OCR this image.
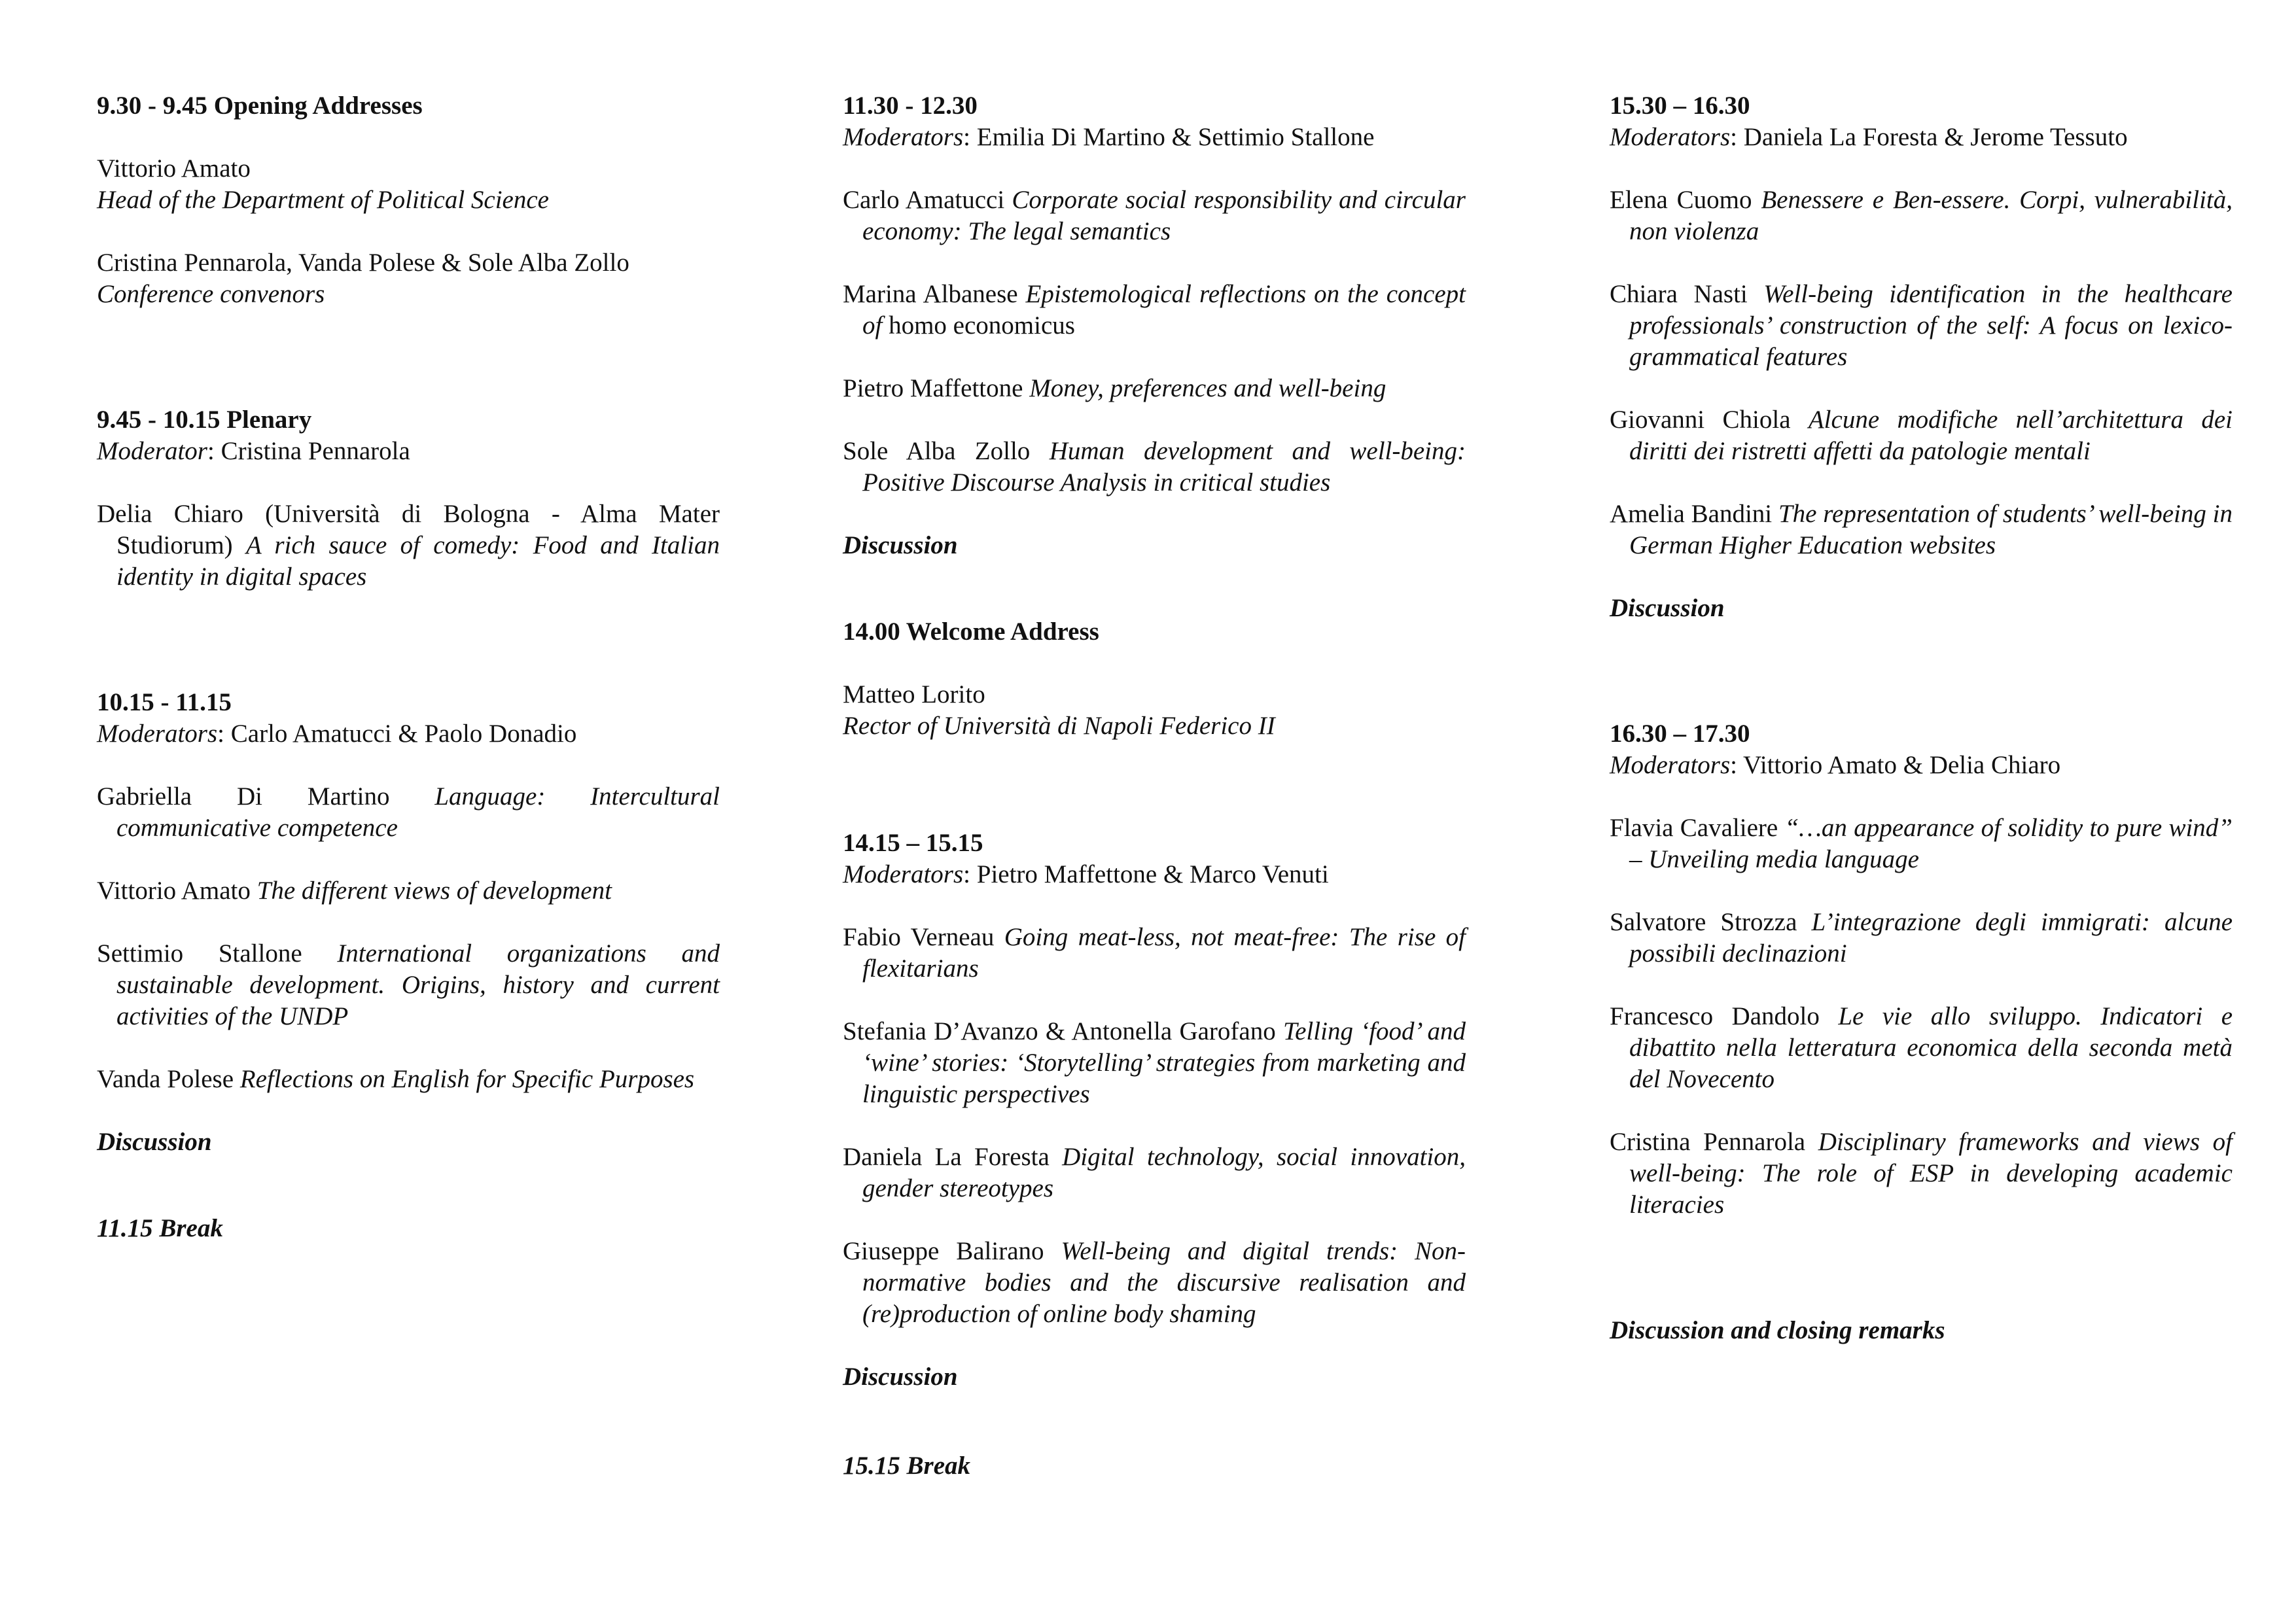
9.30 - 9.45 Opening Addresses
Vittorio Amato
Head of the Department of Political Science
Cristina Pennarola, Vanda Polese & Sole Alba Zollo
Conference convenors
9.45 - 10.15 Plenary
Moderator: Cristina Pennarola
Delia Chiaro (Università di Bologna - Alma Mater Studiorum) A rich sauce of comedy: Food and Italian identity in digital spaces
10.15 - 11.15
Moderators: Carlo Amatucci & Paolo Donadio
Gabriella Di Martino Language: Intercultural communicative competence
Vittorio Amato The different views of development
Settimio Stallone International organizations and sustainable development. Origins, history and current activities of the UNDP
Vanda Polese Reflections on English for Specific Purposes
Discussion
11.15 Break
11.30 - 12.30
Moderators: Emilia Di Martino & Settimio Stallone
Carlo Amatucci Corporate social responsibility and circular economy: The legal semantics
Marina Albanese Epistemological reflections on the concept of homo economicus
Pietro Maffettone Money, preferences and well-being
Sole Alba Zollo Human development and well-being: Positive Discourse Analysis in critical studies
Discussion
14.00 Welcome Address
Matteo Lorito
Rector of Università di Napoli Federico II
14.15 – 15.15
Moderators: Pietro Maffettone & Marco Venuti
Fabio Verneau Going meat-less, not meat-free: The rise of flexitarians
Stefania D’Avanzo & Antonella Garofano Telling ‘food’ and ‘wine’ stories: ‘Storytelling’ strategies from marketing and linguistic perspectives
Daniela La Foresta Digital technology, social innovation, gender stereotypes
Giuseppe Balirano Well-being and digital trends: Non-normative bodies and the discursive realisation and (re)production of online body shaming
Discussion
15.15 Break
15.30 – 16.30
Moderators: Daniela La Foresta & Jerome Tessuto
Elena Cuomo Benessere e Ben-essere. Corpi, vulnerabilità, non violenza
Chiara Nasti Well-being identification in the healthcare professionals’ construction of the self: A focus on lexico-grammatical features
Giovanni Chiola Alcune modifiche nell’architettura dei diritti dei ristretti affetti da patologie mentali
Amelia Bandini The representation of students’ well-being in German Higher Education websites
Discussion
16.30 – 17.30
Moderators: Vittorio Amato & Delia Chiaro
Flavia Cavaliere “…an appearance of solidity to pure wind” – Unveiling media language
Salvatore Strozza L’integrazione degli immigrati: alcune possibili declinazioni
Francesco Dandolo Le vie allo sviluppo. Indicatori e dibattito nella letteratura economica della seconda metà del Novecento
Cristina Pennarola Disciplinary frameworks and views of well-being: The role of ESP in developing academic literacies
Discussion and closing remarks
